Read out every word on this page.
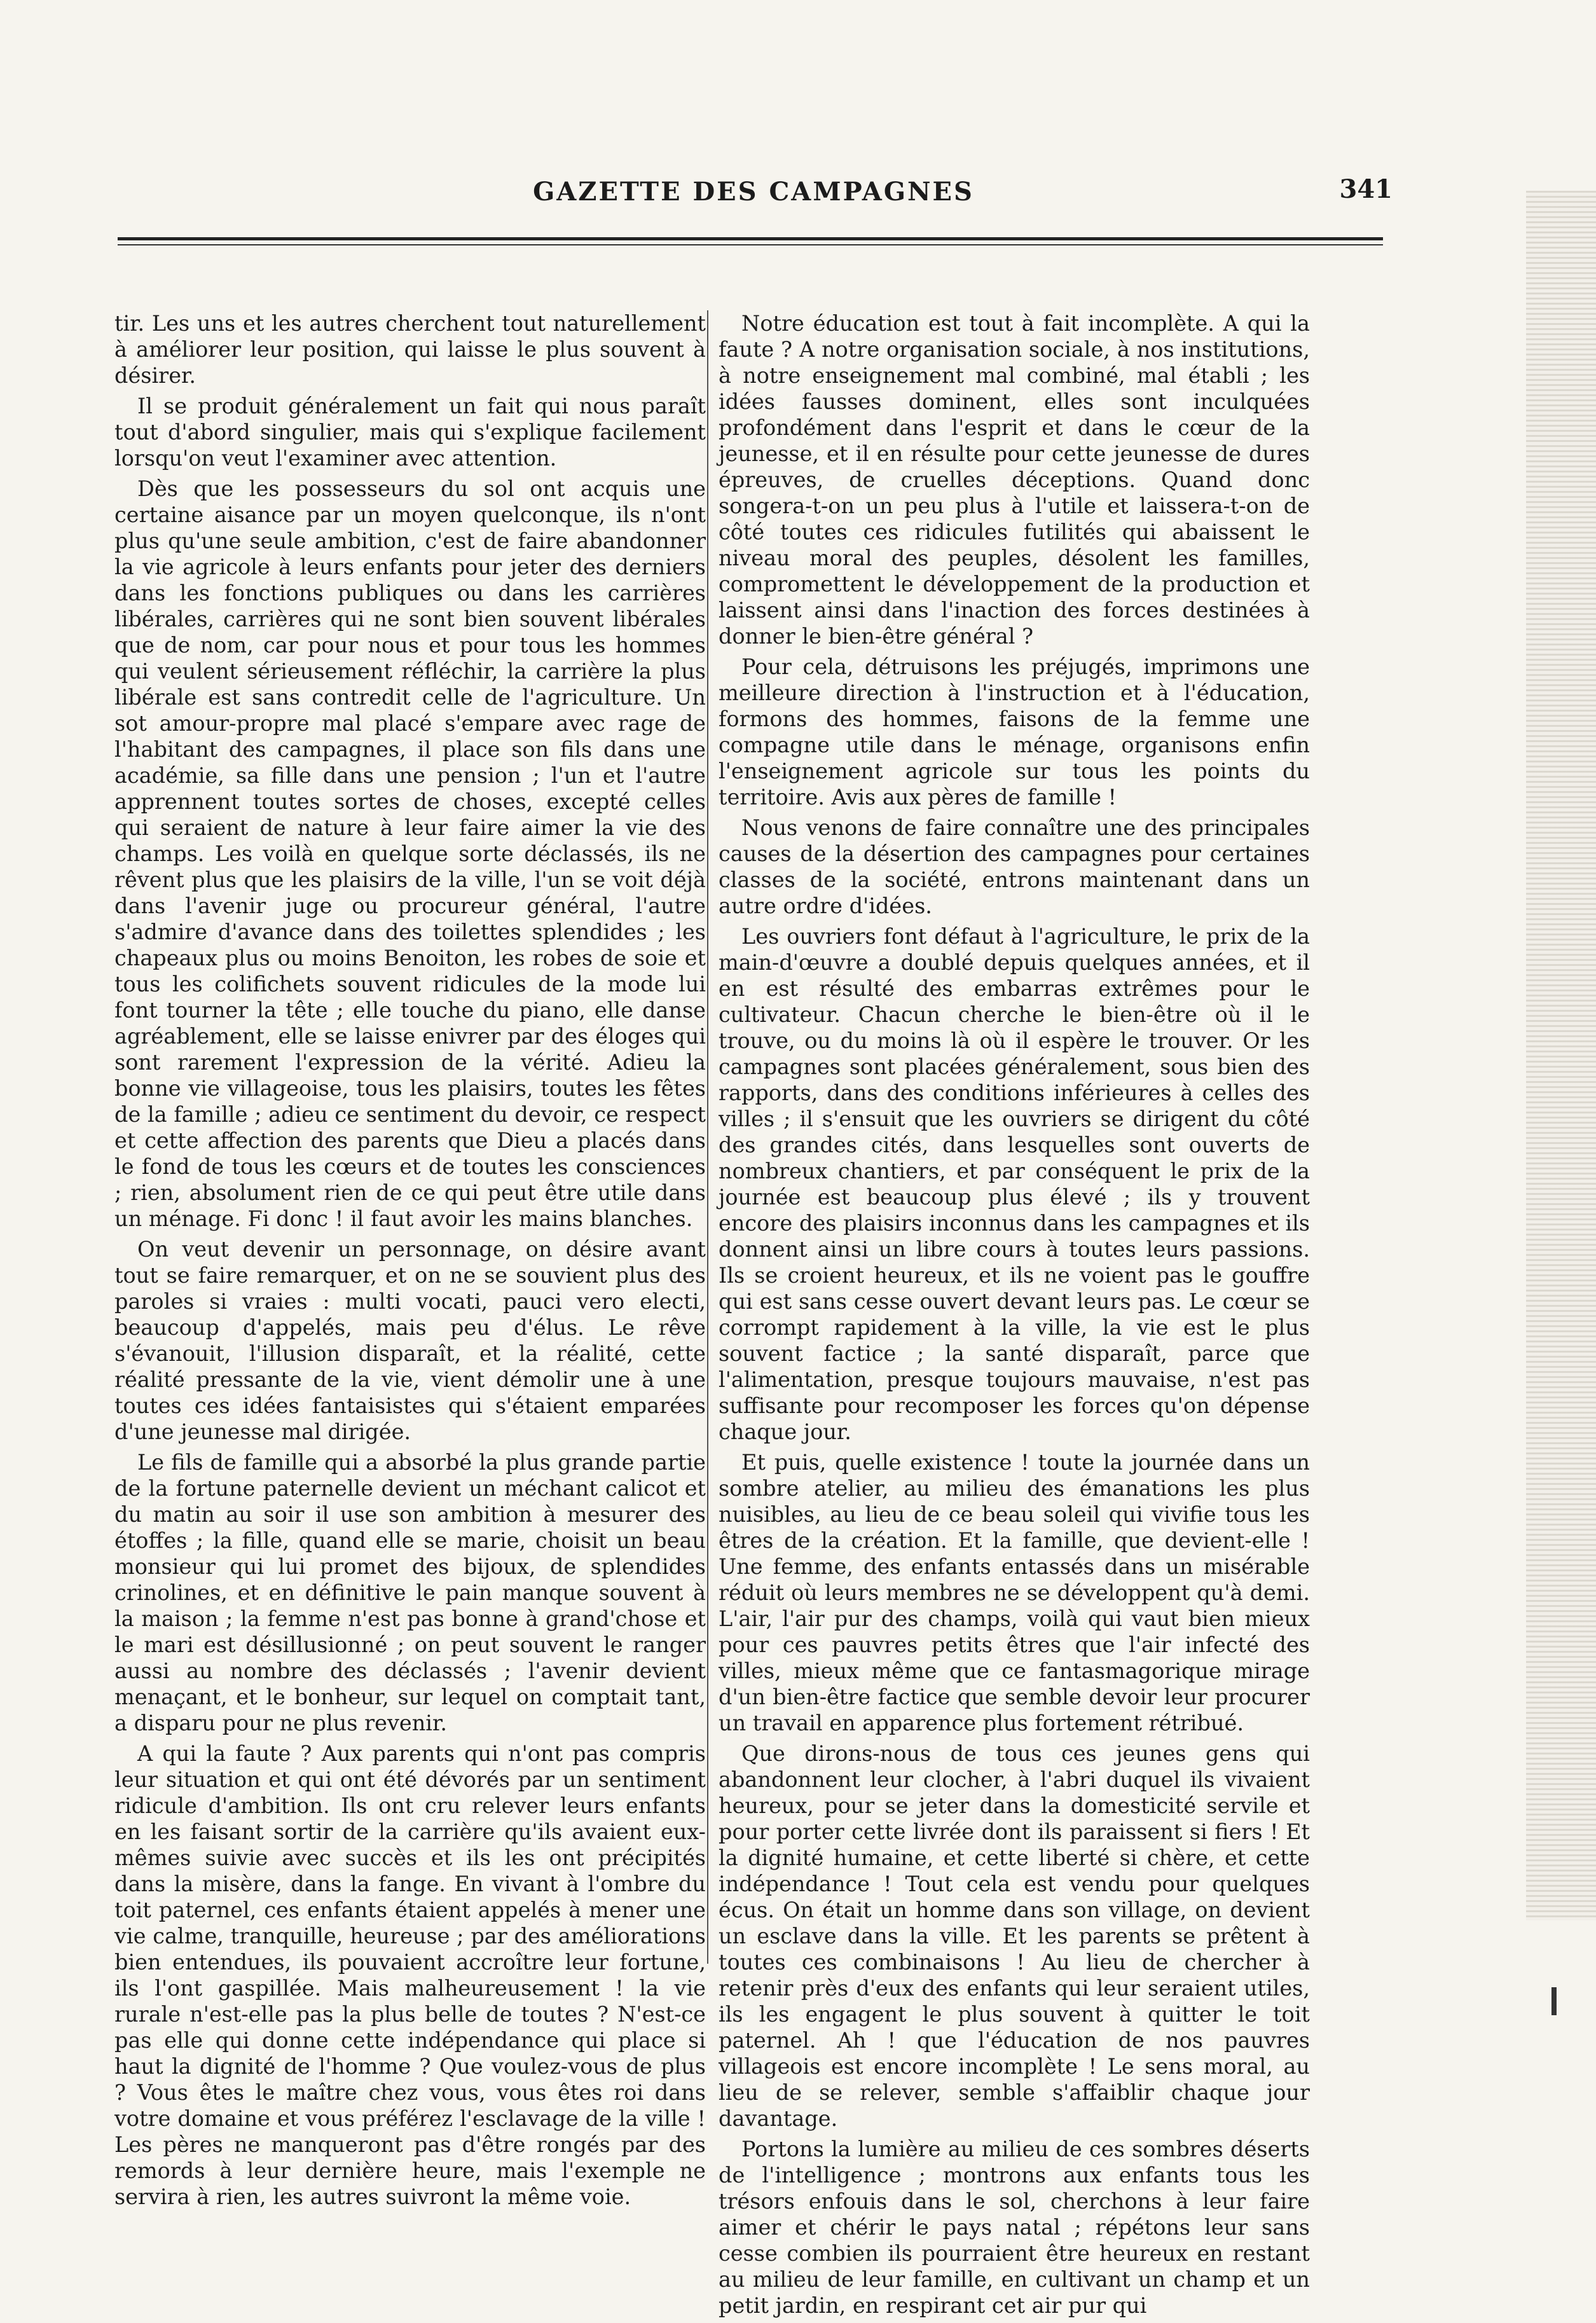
GAZETTE DES CAMPAGNES	341

tir. Les uns et les autres cherchent tout naturellement à améliorer leur position, qui laisse le plus souvent à désirer.

Il se produit généralement un fait qui nous paraît tout d'abord singulier, mais qui s'explique facilement lorsqu'on veut l'examiner avec attention.

Dès que les possesseurs du sol ont acquis une certaine aisance par un moyen quelconque, ils n'ont plus qu'une seule ambition, c'est de faire abandonner la vie agricole à leurs enfants pour jeter des derniers dans les fonctions publiques ou dans les carrières libérales, carrières qui ne sont bien souvent libérales que de nom, car pour nous et pour tous les hommes qui veulent sérieusement réfléchir, la carrière la plus libérale est sans contredit celle de l'agriculture. Un sot amour-propre mal placé s'empare avec rage de l'habitant des campagnes, il place son fils dans une académie, sa fille dans une pension ; l'un et l'autre apprennent toutes sortes de choses, excepté celles qui seraient de nature à leur faire aimer la vie des champs. Les voilà en quelque sorte déclassés, ils ne rêvent plus que les plaisirs de la ville, l'un se voit déjà dans l'avenir juge ou procureur général, l'autre s'admire d'avance dans des toilettes splendides ; les chapeaux plus ou moins Benoiton, les robes de soie et tous les colifichets souvent ridicules de la mode lui font tourner la tête ; elle touche du piano, elle danse agréablement, elle se laisse enivrer par des éloges qui sont rarement l'expression de la vérité. Adieu la bonne vie villageoise, tous les plaisirs, toutes les fêtes de la famille ; adieu ce sentiment du devoir, ce respect et cette affection des parents que Dieu a placés dans le fond de tous les cœurs et de toutes les consciences ; rien, absolument rien de ce qui peut être utile dans un ménage. Fi donc ! il faut avoir les mains blanches.

On veut devenir un personnage, on désire avant tout se faire remarquer, et on ne se souvient plus des paroles si vraies : multi vocati, pauci vero electi, beaucoup d'appelés, mais peu d'élus. Le rêve s'évanouit, l'illusion disparaît, et la réalité, cette réalité pressante de la vie, vient démolir une à une toutes ces idées fantaisistes qui s'étaient emparées d'une jeunesse mal dirigée.

Le fils de famille qui a absorbé la plus grande partie de la fortune paternelle devient un méchant calicot et du matin au soir il use son ambition à mesurer des étoffes ; la fille, quand elle se marie, choisit un beau monsieur qui lui promet des bijoux, de splendides crinolines, et en définitive le pain manque souvent à la maison ; la femme n'est pas bonne à grand'chose et le mari est désillusionné ; on peut souvent le ranger aussi au nombre des déclassés ; l'avenir devient menaçant, et le bonheur, sur lequel on comptait tant, a disparu pour ne plus revenir.

A qui la faute ? Aux parents qui n'ont pas compris leur situation et qui ont été dévorés par un sentiment ridicule d'ambition. Ils ont cru relever leurs enfants en les faisant sortir de la carrière qu'ils avaient eux-mêmes suivie avec succès et ils les ont précipités dans la misère, dans la fange. En vivant à l'ombre du toit paternel, ces enfants étaient appelés à mener une vie calme, tranquille, heureuse ; par des améliorations bien entendues, ils pouvaient accroître leur fortune, ils l'ont gaspillée. Mais malheureusement ! la vie rurale n'est-elle pas la plus belle de toutes ? N'est-ce pas elle qui donne cette indépendance qui place si haut la dignité de l'homme ? Que voulez-vous de plus ? Vous êtes le maître chez vous, vous êtes roi dans votre domaine et vous préférez l'esclavage de la ville ! Les pères ne manqueront pas d'être rongés par des remords à leur dernière heure, mais l'exemple ne servira à rien, les autres suivront la même voie.

Notre éducation est tout à fait incomplète. A qui la faute ? A notre organisation sociale, à nos institutions, à notre enseignement mal combiné, mal établi ; les idées fausses dominent, elles sont inculquées profondément dans l'esprit et dans le cœur de la jeunesse, et il en résulte pour cette jeunesse de dures épreuves, de cruelles déceptions. Quand donc songera-t-on un peu plus à l'utile et laissera-t-on de côté toutes ces ridicules futilités qui abaissent le niveau moral des peuples, désolent les familles, compromettent le développement de la production et laissent ainsi dans l'inaction des forces destinées à donner le bien-être général ?

Pour cela, détruisons les préjugés, imprimons une meilleure direction à l'instruction et à l'éducation, formons des hommes, faisons de la femme une compagne utile dans le ménage, organisons enfin l'enseignement agricole sur tous les points du territoire. Avis aux pères de famille !

Nous venons de faire connaître une des principales causes de la désertion des campagnes pour certaines classes de la société, entrons maintenant dans un autre ordre d'idées.

Les ouvriers font défaut à l'agriculture, le prix de la main-d'œuvre a doublé depuis quelques années, et il en est résulté des embarras extrêmes pour le cultivateur. Chacun cherche le bien-être où il le trouve, ou du moins là où il espère le trouver. Or les campagnes sont placées généralement, sous bien des rapports, dans des conditions inférieures à celles des villes ; il s'ensuit que les ouvriers se dirigent du côté des grandes cités, dans lesquelles sont ouverts de nombreux chantiers, et par conséquent le prix de la journée est beaucoup plus élevé ; ils y trouvent encore des plaisirs inconnus dans les campagnes et ils donnent ainsi un libre cours à toutes leurs passions. Ils se croient heureux, et ils ne voient pas le gouffre qui est sans cesse ouvert devant leurs pas. Le cœur se corrompt rapidement à la ville, la vie est le plus souvent factice ; la santé disparaît, parce que l'alimentation, presque toujours mauvaise, n'est pas suffisante pour recomposer les forces qu'on dépense chaque jour.

Et puis, quelle existence ! toute la journée dans un sombre atelier, au milieu des émanations les plus nuisibles, au lieu de ce beau soleil qui vivifie tous les êtres de la création. Et la famille, que devient-elle ! Une femme, des enfants entassés dans un misérable réduit où leurs membres ne se développent qu'à demi. L'air, l'air pur des champs, voilà qui vaut bien mieux pour ces pauvres petits êtres que l'air infecté des villes, mieux même que ce fantasmagorique mirage d'un bien-être factice que semble devoir leur procurer un travail en apparence plus fortement rétribué.

Que dirons-nous de tous ces jeunes gens qui abandonnent leur clocher, à l'abri duquel ils vivaient heureux, pour se jeter dans la domesticité servile et pour porter cette livrée dont ils paraissent si fiers ! Et la dignité humaine, et cette liberté si chère, et cette indépendance ! Tout cela est vendu pour quelques écus. On était un homme dans son village, on devient un esclave dans la ville. Et les parents se prêtent à toutes ces combinaisons ! Au lieu de chercher à retenir près d'eux des enfants qui leur seraient utiles, ils les engagent le plus souvent à quitter le toit paternel. Ah ! que l'éducation de nos pauvres villageois est encore incomplète ! Le sens moral, au lieu de se relever, semble s'affaiblir chaque jour davantage.

Portons la lumière au milieu de ces sombres déserts de l'intelligence ; montrons aux enfants tous les trésors enfouis dans le sol, cherchons à leur faire aimer et chérir le pays natal ; répétons leur sans cesse combien ils pourraient être heureux en restant au milieu de leur famille, en cultivant un champ et un petit jardin, en respirant cet air pur qui
